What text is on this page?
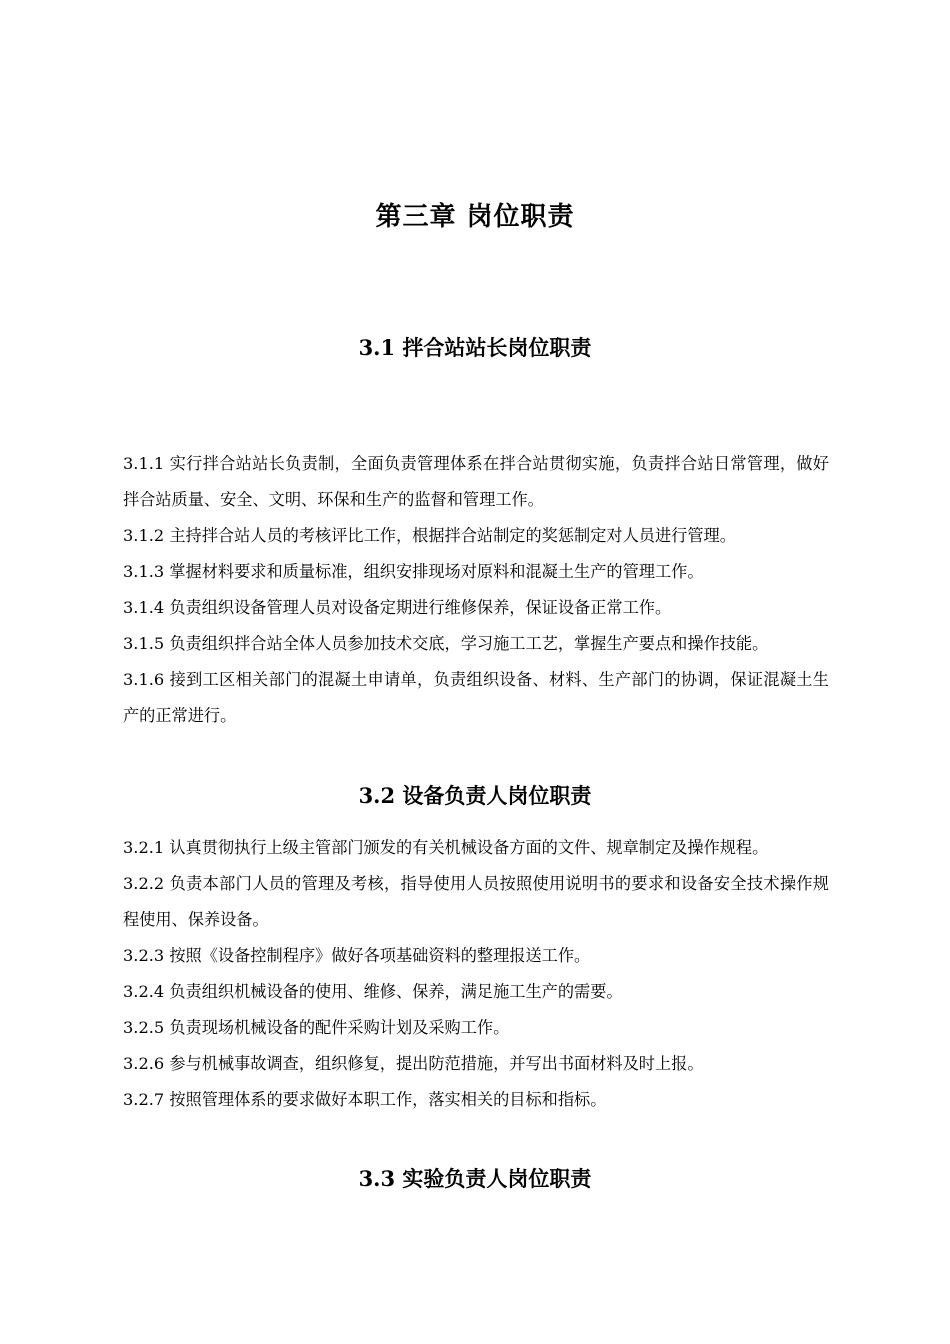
第三章 岗位职责
3.1 拌合站站长岗位职责

3.1.1 实行拌合站站长负责制，全面负责管理体系在拌合站贯彻实施，负责拌合站日常管理，做好拌合站质量、安全、文明、环保和生产的监督和管理工作。

3.1.2 主持拌合站人员的考核评比工作，根据拌合站制定的奖惩制定对人员进行管理。

3.1.3 掌握材料要求和质量标准，组织安排现场对原料和混凝土生产的管理工作。

3.1.4 负责组织设备管理人员对设备定期进行维修保养，保证设备正常工作。

3.1.5 负责组织拌合站全体人员参加技术交底，学习施工工艺，掌握生产要点和操作技能。

3.1.6 接到工区相关部门的混凝土申请单，负责组织设备、材料、生产部门的协调，保证混凝土生产的正常进行。

3.2 设备负责人岗位职责

3.2.1 认真贯彻执行上级主管部门颁发的有关机械设备方面的文件、规章制定及操作规程。

3.2.2 负责本部门人员的管理及考核，指导使用人员按照使用说明书的要求和设备安全技术操作规程使用、保养设备。

3.2.3 按照《设备控制程序》做好各项基础资料的整理报送工作。

3.2.4 负责组织机械设备的使用、维修、保养，满足施工生产的需要。

3.2.5 负责现场机械设备的配件采购计划及采购工作。

3.2.6 参与机械事故调查，组织修复，提出防范措施，并写出书面材料及时上报。

3.2.7 按照管理体系的要求做好本职工作，落实相关的目标和指标。

3.3 实验负责人岗位职责
